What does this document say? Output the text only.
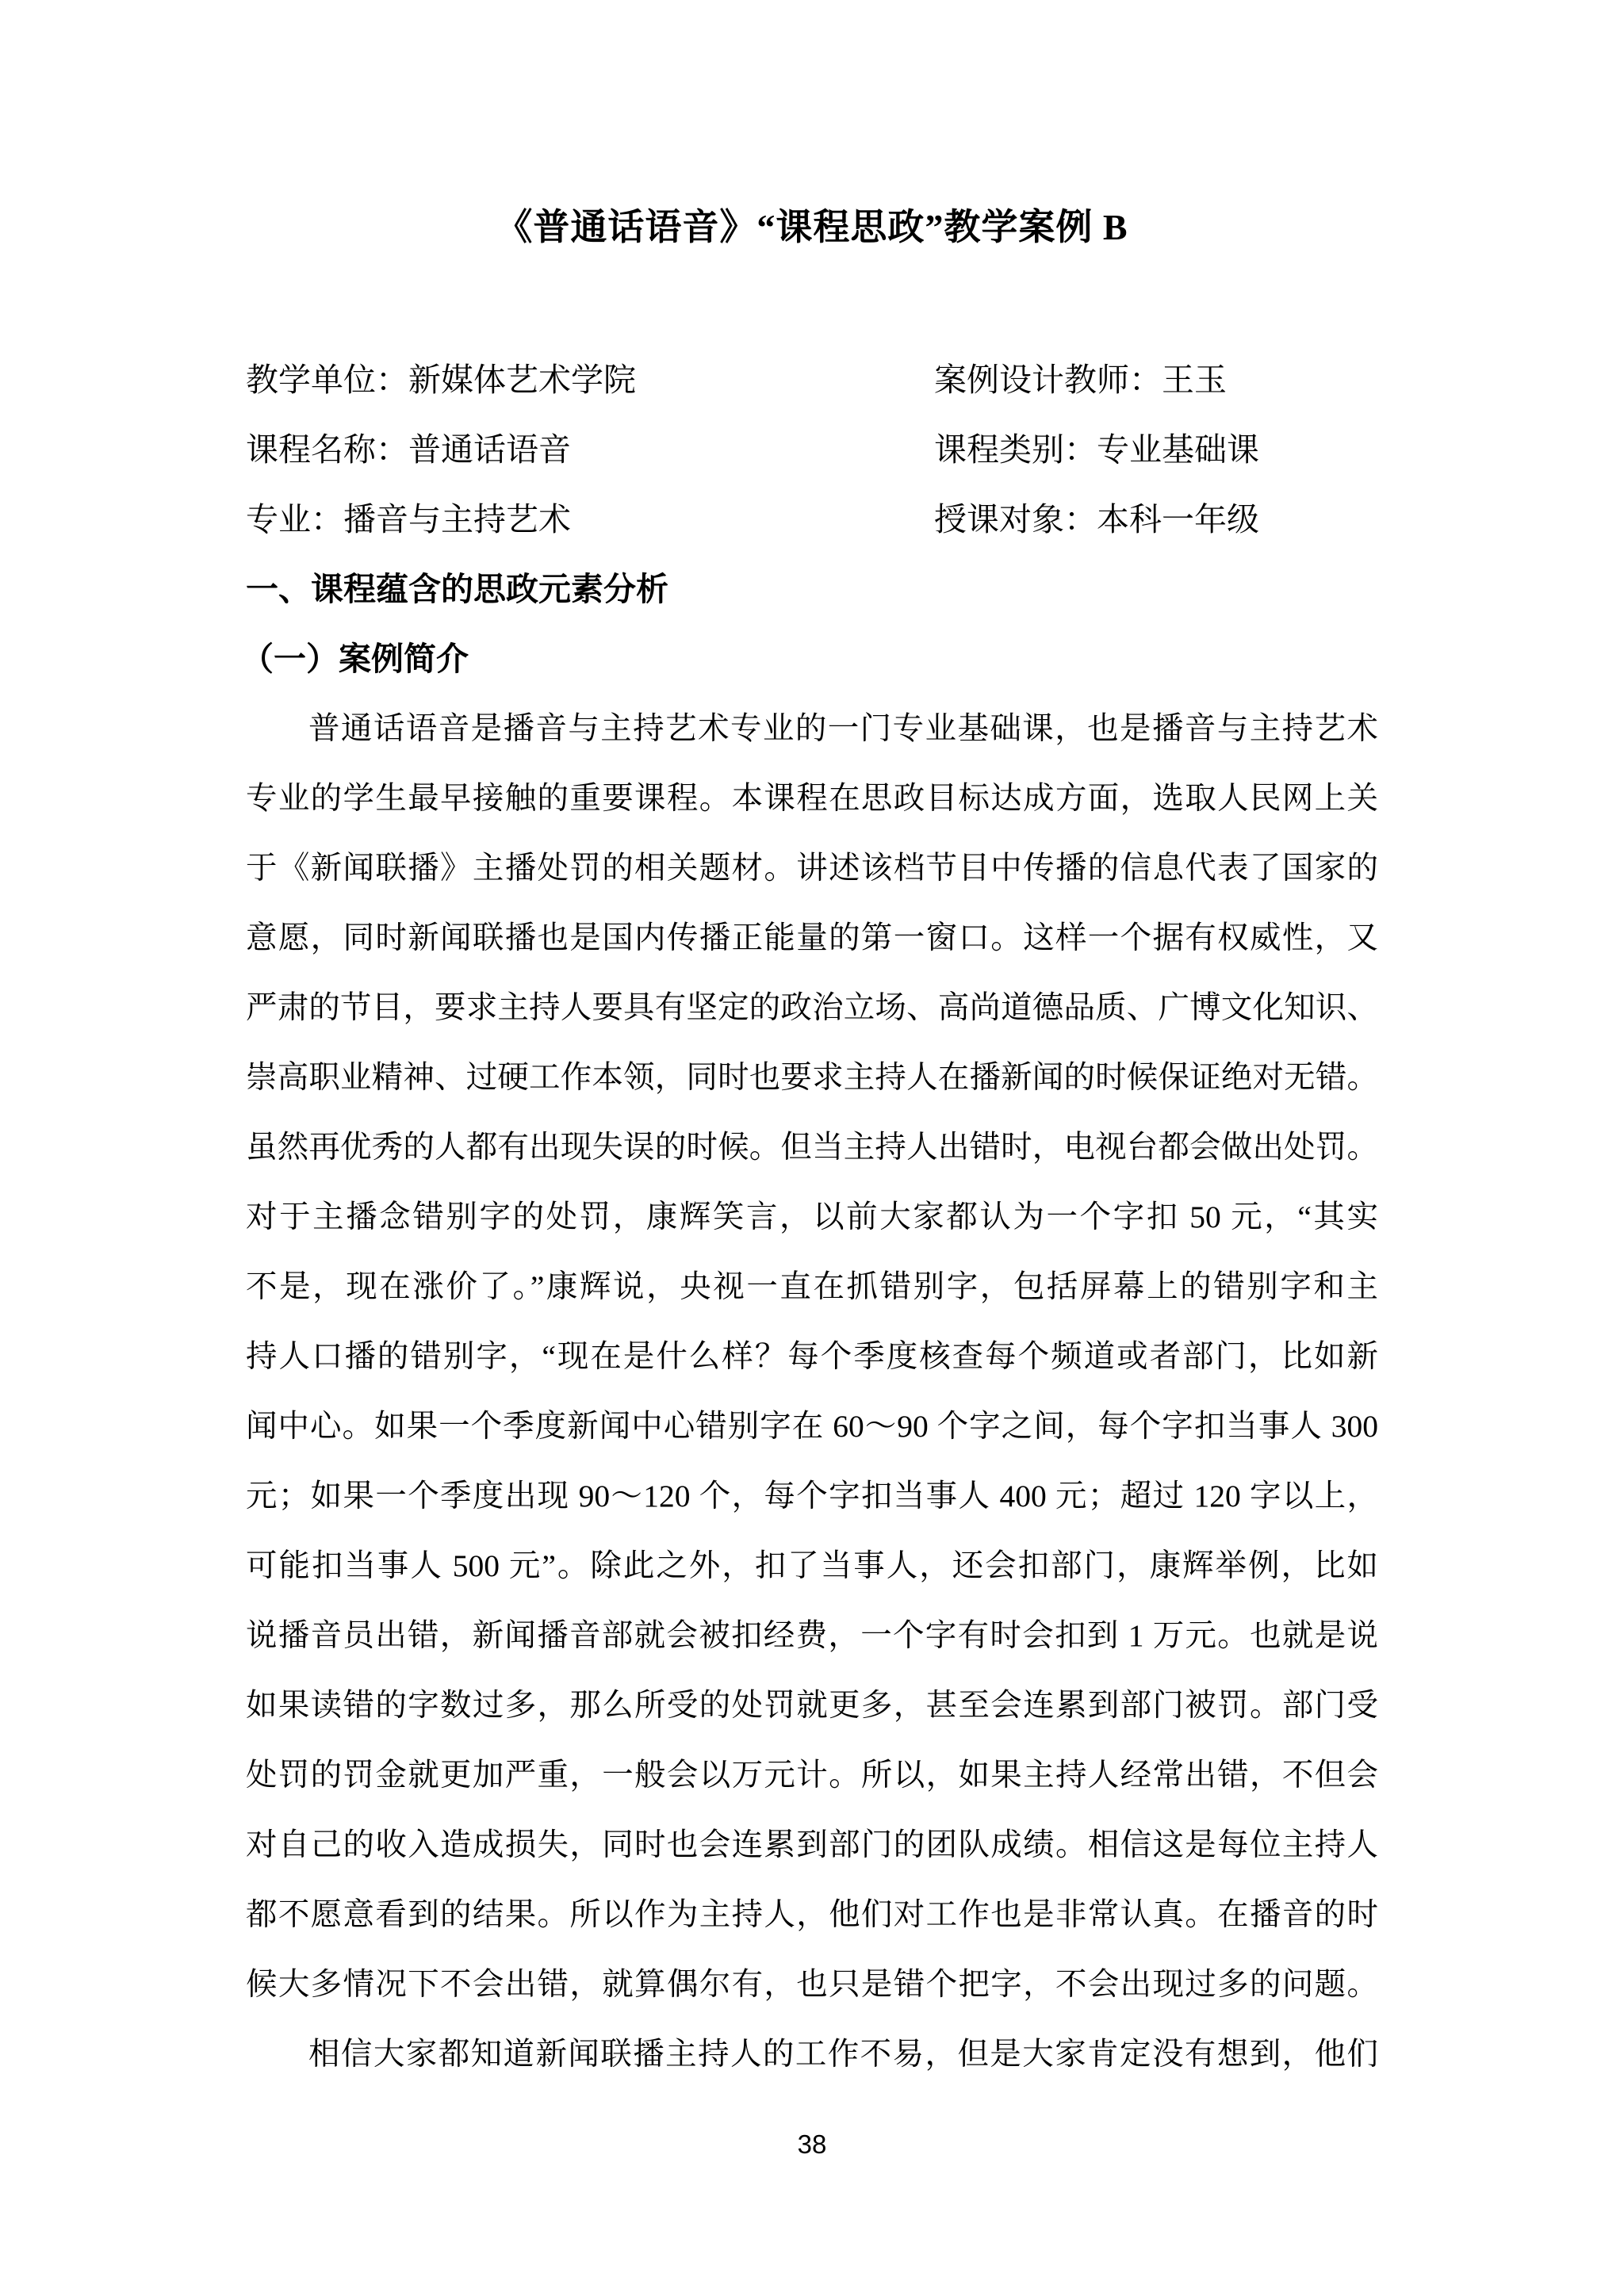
《普通话语音》“课程思政”教学案例 B
教学单位：新媒体艺术学院	案例设计教师：王玉
课程名称：普通话语音	课程类别：专业基础课
专业：播音与主持艺术	授课对象：本科一年级
一、课程蕴含的思政元素分析
（一）案例简介
普通话语音是播音与主持艺术专业的一门专业基础课，也是播音与主持艺术
专业的学生最早接触的重要课程。本课程在思政目标达成方面，选取人民网上关
于《新闻联播》主播处罚的相关题材。讲述该档节目中传播的信息代表了国家的
意愿，同时新闻联播也是国内传播正能量的第一窗口。这样一个据有权威性，又
严肃的节目，要求主持人要具有坚定的政治立场、高尚道德品质、广博文化知识、
崇高职业精神、过硬工作本领，同时也要求主持人在播新闻的时候保证绝对无错。
虽然再优秀的人都有出现失误的时候。但当主持人出错时，电视台都会做出处罚。
对于主播念错别字的处罚，康辉笑言，以前大家都认为一个字扣 50 元，“其实
不是，现在涨价了。”康辉说，央视一直在抓错别字，包括屏幕上的错别字和主
持人口播的错别字，“现在是什么样？每个季度核查每个频道或者部门，比如新
闻中心。如果一个季度新闻中心错别字在 60～90 个字之间，每个字扣当事人 300
元；如果一个季度出现 90～120 个，每个字扣当事人 400 元；超过 120 字以上，
可能扣当事人 500 元”。除此之外，扣了当事人，还会扣部门，康辉举例，比如
说播音员出错，新闻播音部就会被扣经费，一个字有时会扣到 1 万元。也就是说
如果读错的字数过多，那么所受的处罚就更多，甚至会连累到部门被罚。部门受
处罚的罚金就更加严重，一般会以万元计。所以，如果主持人经常出错，不但会
对自己的收入造成损失，同时也会连累到部门的团队成绩。相信这是每位主持人
都不愿意看到的结果。所以作为主持人，他们对工作也是非常认真。在播音的时
候大多情况下不会出错，就算偶尔有，也只是错个把字，不会出现过多的问题。
相信大家都知道新闻联播主持人的工作不易，但是大家肯定没有想到，他们
38
